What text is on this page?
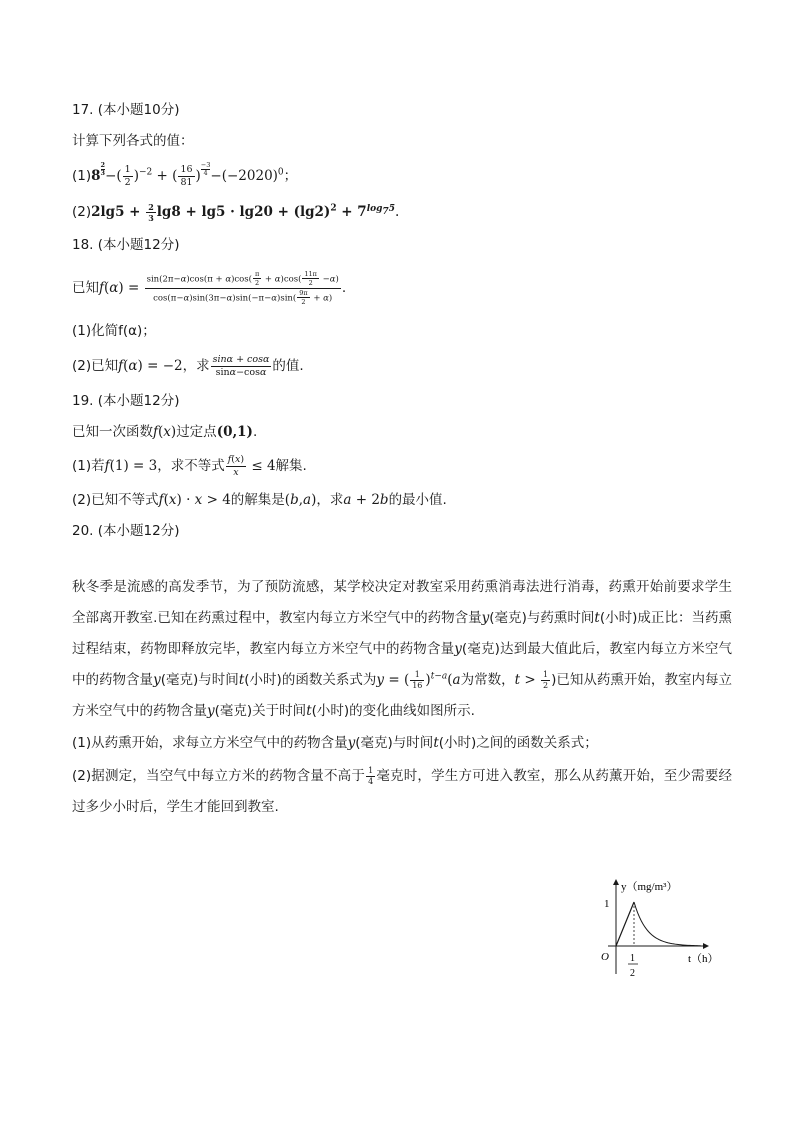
17. (本小题10分)
计算下列各式的值：
$(1)8 \frac{2}{3}$ −( $\frac{1}{2} )^{-2}$ + ( $\frac{16}{81}$ ) $\frac{-3}{4} -(-2020)^0$；
$(2)2\lg 5 + \frac{2}{3} \lg 8 + \lg 5 \cdot \lg 20 + (\lg 2)^2 + 7^{log_75}$.
18. (本小题12分)
已知$f(\alpha) = \frac{\sin(2\pi-\alpha)\cos(\pi + \alpha)\cos( \frac{\pi}{2} + \alpha)\cos( \frac{11\pi}{2} -\alpha)}{\cos(\pi-\alpha)\sin(3\pi-\alpha)\sin(-\pi-\alpha)\sin( \frac{9\pi}{2} + \alpha)}$ .
(1)化简f(α)；
(2)已知f(α) = −2，求 $\frac{\sin\alpha + \cos\alpha}{\sin\alpha-\cos\alpha}$ 的值.
19. (本小题12分)
已知一次函数f(x)过定点(0,1).
(1)若f(1) = 3，求不等式 $\frac{f(x)}{x} \le 4$解集.
(2)已知不等式f(x) · x > 4的解集是(b,a)，求a + 2b的最小值.
20. (本小题12分)
秋冬季是流感的高发季节，为了预防流感，某学校决定对教室采用药熏消毒法进行消毒，药熏开始前要求学生全部离开教室.已知在药熏过程中，教室内每立方米空气中的药物含量y(毫克)与药熏时间t(小时)成正比：当药熏过程结束，药物即释放完毕，教室内每立方米空气中的药物含量y(毫克)达到最大值此后，教室内每立方米空气中的药物含量y(毫克)与时间t(小时)的函数关系式为y = ( $\frac{1}{16} )^{t-a}(a$为常数，$t > \frac{1}{2}$ )已知从药熏开始，教室内每立方米空气中的药物含量y(毫克)关于时间t(小时)的变化曲线如图所示.
(1)从药熏开始，求每立方米空气中的药物含量y(毫克)与时间t(小时)之间的函数关系式；
(2)据测定，当空气中每立方米的药物含量不高于 $\frac{1}{4}$ 毫克时，学生方可进入教室，那么从药薰开始，至少需要经过多少小时后，学生才能回到教室.
y（mg/m³）
t（h）
O
1
1
2
